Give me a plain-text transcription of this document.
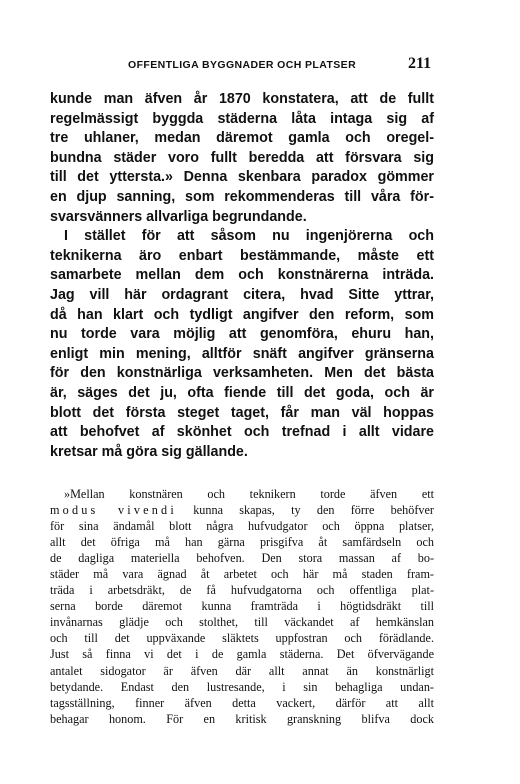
OFFENTLIGA BYGGNADER OCH PLATSER	211
kunde man äfven år 1870 konstatera, att de fullt
regelmässigt byggda städerna låta intaga sig af
tre uhlaner, medan däremot gamla och oregel-
bundna städer voro fullt beredda att försvara sig
till det yttersta.» Denna skenbara paradox gömmer
en djup sanning, som rekommenderas till våra för-
svarsvänners allvarliga begrundande.
I stället för att såsom nu ingenjörerna och
teknikerna äro enbart bestämmande, måste ett
samarbete mellan dem och konstnärerna inträda.
Jag vill här ordagrant citera, hvad Sitte yttrar,
då han klart och tydligt angifver den reform, som
nu torde vara möjlig att genomföra, ehuru han,
enligt min mening, alltför snäft angifver gränserna
för den konstnärliga verksamheten. Men det bästa
är, säges det ju, ofta fiende till det goda, och är
blott det första steget taget, får man väl hoppas
att behofvet af skönhet och trefnad i allt vidare
kretsar må göra sig gällande.
»Mellan konstnären och teknikern torde äfven ett
modus vivendi kunna skapas, ty den förre behöfver
för sina ändamål blott några hufvudgator och öppna platser,
allt det öfriga må han gärna prisgifva åt samfärdseln och
de dagliga materiella behofven. Den stora massan af bo-
städer må vara ägnad åt arbetet och här må staden fram-
träda i arbetsdräkt, de få hufvudgatorna och offentliga plat-
serna borde däremot kunna framträda i högtidsdräkt till
invånarnas glädje och stolthet, till väckandet af hemkänslan
och till det uppväxande släktets uppfostran och förädlande.
Just så finna vi det i de gamla städerna. Det öfvervägande
antalet sidogator är äfven där allt annat än konstnärligt
betydande. Endast den lustresande, i sin behagliga undan-
tagsställning, finner äfven detta vackert, därför att allt
behagar honom. För en kritisk granskning blifva dock
